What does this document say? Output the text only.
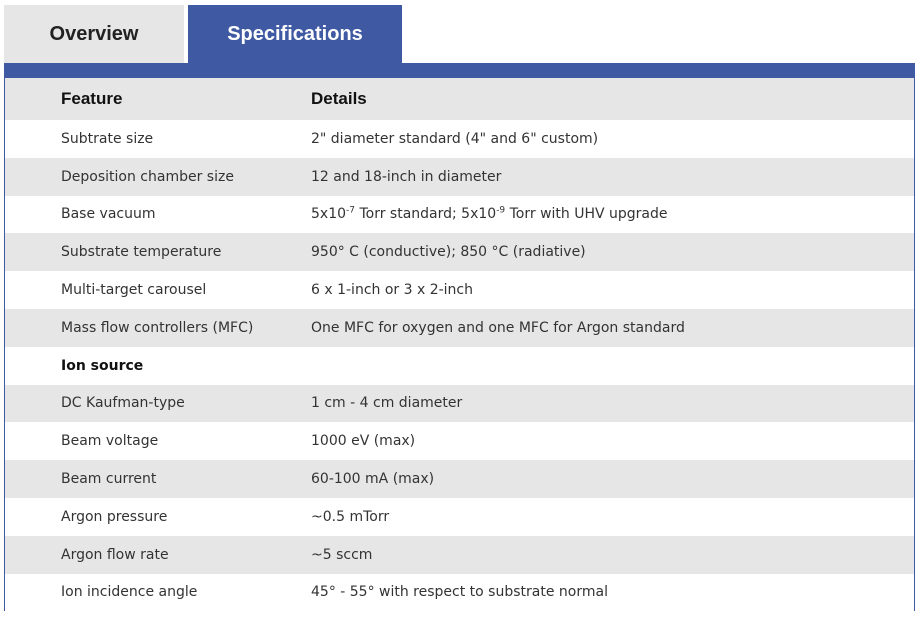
Overview	Specifications
Feature	Details
Subtrate size	2" diameter standard (4" and 6" custom)
Deposition chamber size	12 and 18-inch in diameter
Base vacuum	$5x10^{-7}$ Torr standard; $5x10^{-9}$ Torr with UHV upgrade
Substrate temperature	950° C (conductive); 850 °C (radiative)
Multi-target carousel	6 x 1-inch or 3 x 2-inch
Mass flow controllers (MFC)	One MFC for oxygen and one MFC for Argon standard
Ion source	
DC Kaufman-type	1 cm - 4 cm diameter
Beam voltage	1000 eV (max)
Beam current	60-100 mA (max)
Argon pressure	~0.5 mTorr
Argon flow rate	~5 sccm
Ion incidence angle	45° - 55° with respect to substrate normal
